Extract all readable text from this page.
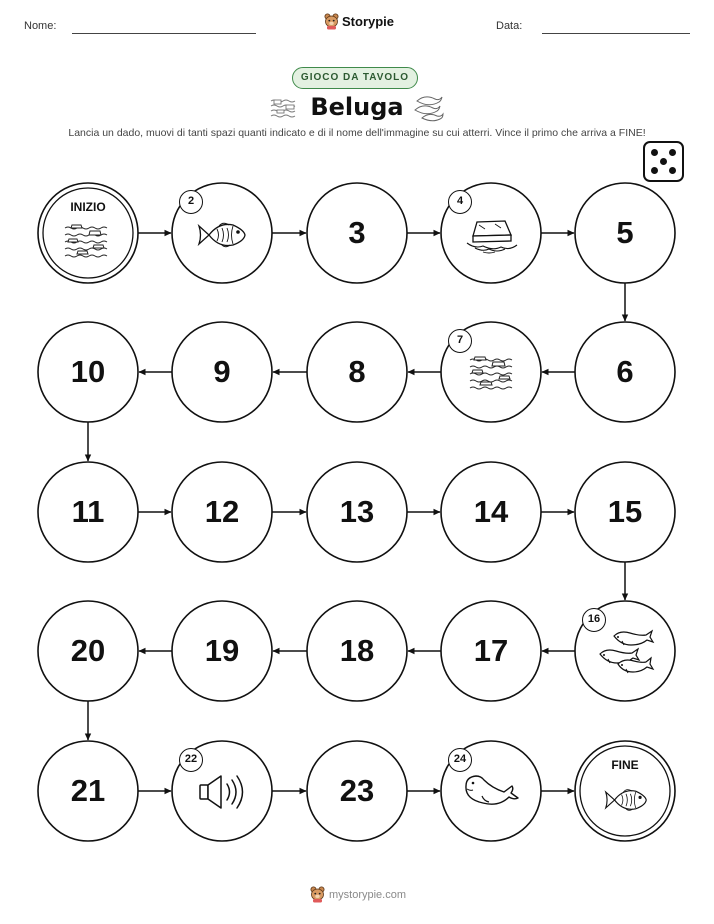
Nome:	Storypie	Data:
GIOCO DA TAVOLO
Beluga
Lancia un dado, muovi di tanti spazi quanti indicato e di il nome dell'immagine su cui atterri. Vince il primo che arriva a FINE!
INIZIO
FINE
3	5
6
8
9
10
11	12	13	14	15
17
18
19
20
21	23
2	4
7
16
22	24
mystorypie.com
